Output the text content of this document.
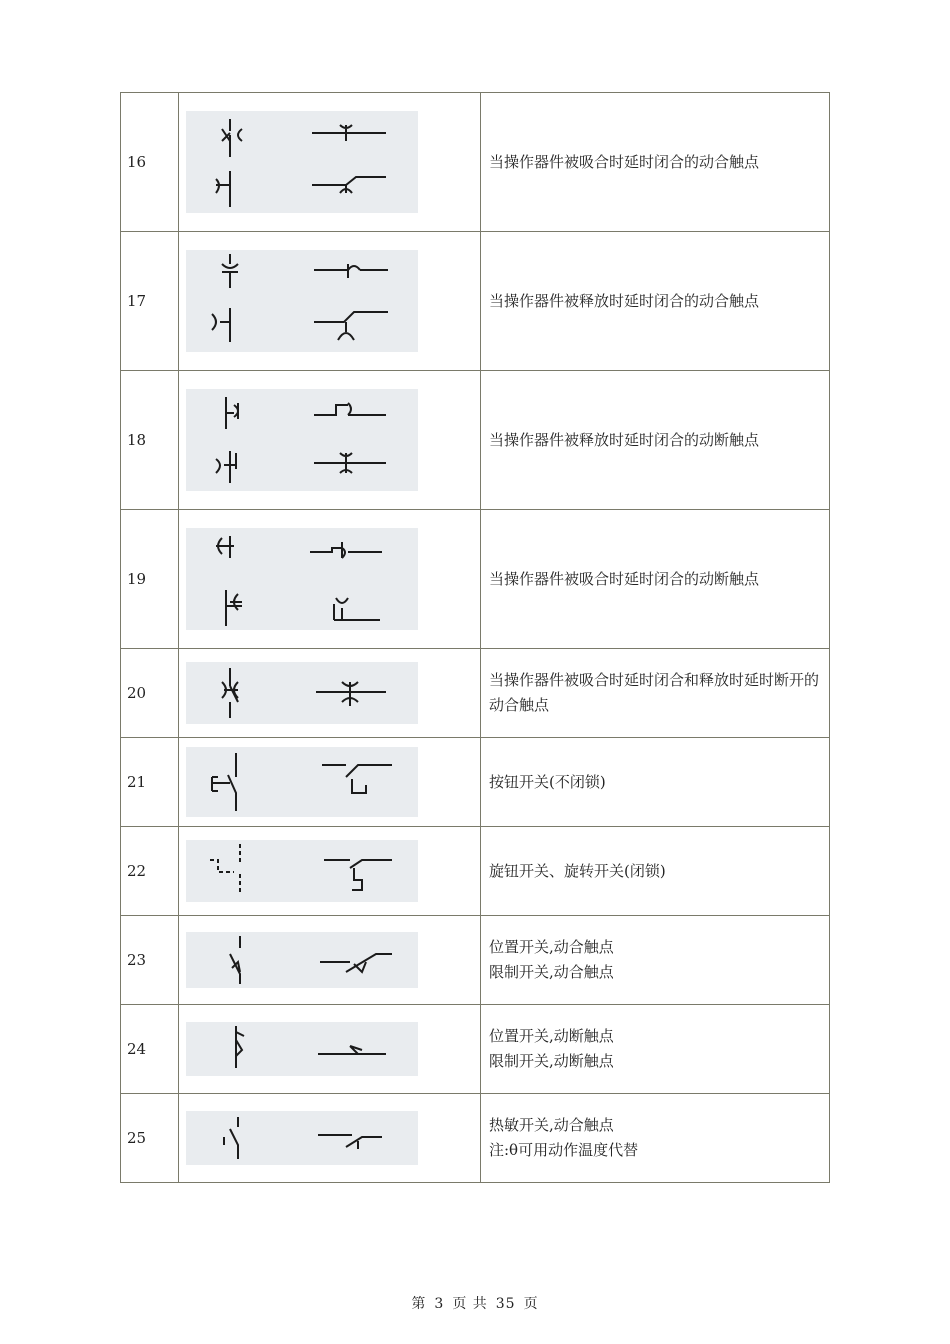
16		当操作器件被吸合时延时闭合的动合触点

17		当操作器件被释放时延时闭合的动合触点

18		当操作器件被释放时延时闭合的动断触点

19		当操作器件被吸合时延时闭合的动断触点

20		当操作器件被吸合时延时闭合和释放时延时断开的动合触点

21		按钮开关(不闭锁)

22		旋钮开关、旋转开关(闭锁)

23		位置开关,动合触点
限制开关,动合触点

24		位置开关,动断触点
限制开关,动断触点

25		热敏开关,动合触点
注:θ可用动作温度代替
第 3 页 共 35 页
